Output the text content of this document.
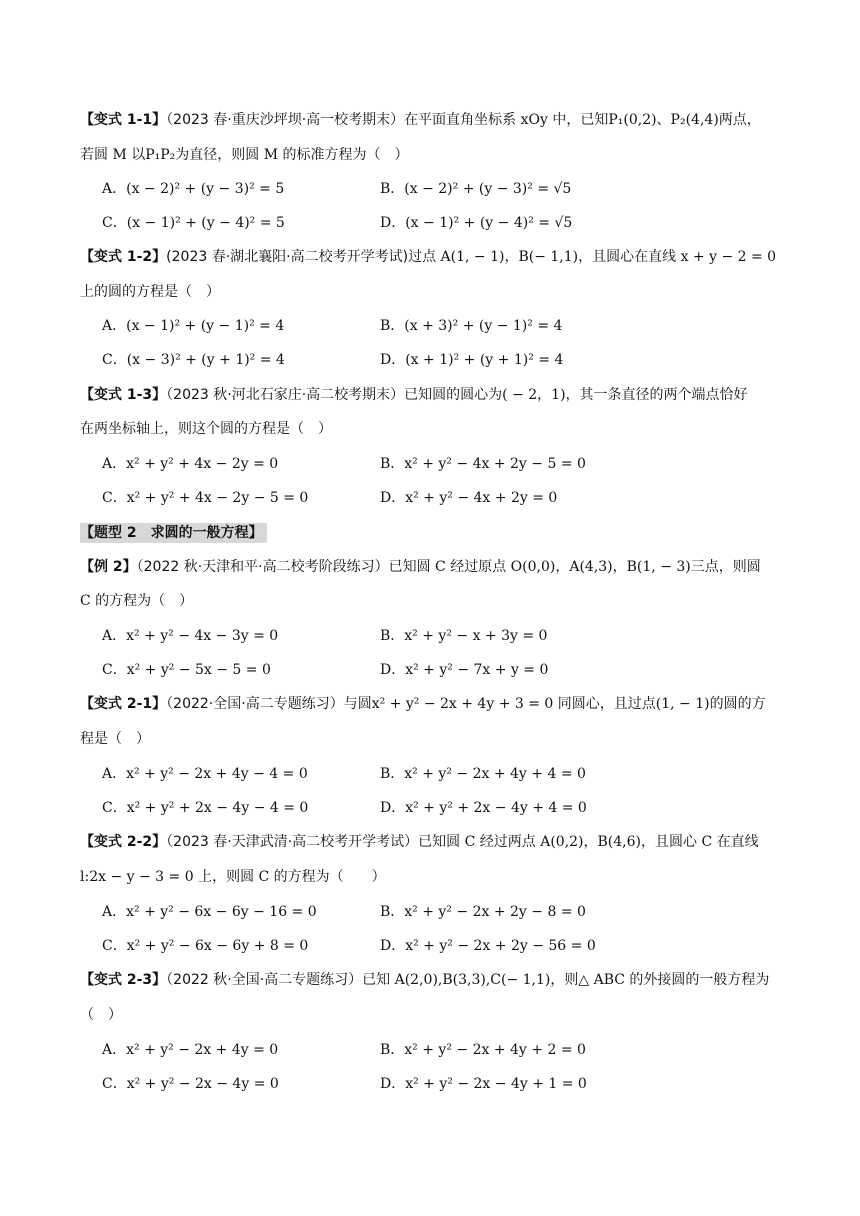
【变式 1-1】（2023 春·重庆沙坪坝·高一校考期末）在平面直角坐标系 xOy 中，已知P₁(0,2)、P₂(4,4)两点，
若圆 M 以P₁P₂为直径，则圆 M 的标准方程为（　）
A．(x − 2)² + (y − 3)² = 5	B．(x − 2)² + (y − 3)² = √5
C．(x − 1)² + (y − 4)² = 5	D．(x − 1)² + (y − 4)² = √5
【变式 1-2】(2023 春·湖北襄阳·高二校考开学考试)过点 A(1, − 1)，B(− 1,1)，且圆心在直线 x + y − 2 = 0
上的圆的方程是（　）
A．(x − 1)² + (y − 1)² = 4	B．(x + 3)² + (y − 1)² = 4
C．(x − 3)² + (y + 1)² = 4	D．(x + 1)² + (y + 1)² = 4
【变式 1-3】（2023 秋·河北石家庄·高二校考期末）已知圆的圆心为( − 2，1)，其一条直径的两个端点恰好
在两坐标轴上，则这个圆的方程是（　）
A．x² + y² + 4x − 2y = 0	B．x² + y² − 4x + 2y − 5 = 0
C．x² + y² + 4x − 2y − 5 = 0	D．x² + y² − 4x + 2y = 0
【题型 2　求圆的一般方程】
【例 2】（2022 秋·天津和平·高二校考阶段练习）已知圆 C 经过原点 O(0,0)，A(4,3)，B(1, − 3)三点，则圆
C 的方程为（　）
A．x² + y² − 4x − 3y = 0	B．x² + y² − x + 3y = 0
C．x² + y² − 5x − 5 = 0	D．x² + y² − 7x + y = 0
【变式 2-1】（2022·全国·高二专题练习）与圆x² + y² − 2x + 4y + 3 = 0 同圆心，且过点(1, − 1)的圆的方
程是（　）
A．x² + y² − 2x + 4y − 4 = 0	B．x² + y² − 2x + 4y + 4 = 0
C．x² + y² + 2x − 4y − 4 = 0	D．x² + y² + 2x − 4y + 4 = 0
【变式 2-2】（2023 春·天津武清·高二校考开学考试）已知圆 C 经过两点 A(0,2)，B(4,6)，且圆心 C 在直线
l:2x − y − 3 = 0 上，则圆 C 的方程为（　　）
A．x² + y² − 6x − 6y − 16 = 0	B．x² + y² − 2x + 2y − 8 = 0
C．x² + y² − 6x − 6y + 8 = 0	D．x² + y² − 2x + 2y − 56 = 0
【变式 2-3】（2022 秋·全国·高二专题练习）已知 A(2,0),B(3,3),C(− 1,1)，则△ ABC 的外接圆的一般方程为
（　）
A．x² + y² − 2x + 4y = 0	B．x² + y² − 2x + 4y + 2 = 0
C．x² + y² − 2x − 4y = 0	D．x² + y² − 2x − 4y + 1 = 0
